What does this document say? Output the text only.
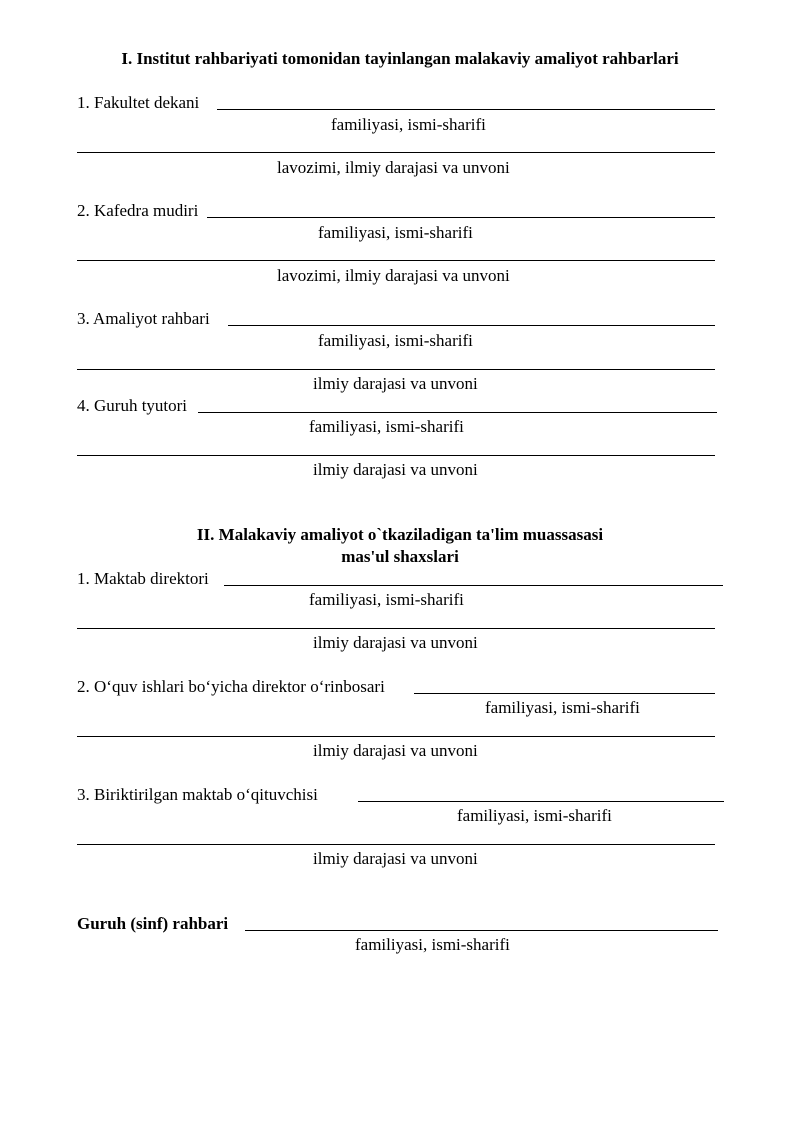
I. Institut rahbariyati tomonidan tayinlangan malakaviy amaliyot rahbarlari
1. Fakultet dekani
familiyasi, ismi-sharifi
lavozimi, ilmiy darajasi va unvoni
2. Kafedra mudiri
familiyasi, ismi-sharifi
lavozimi, ilmiy darajasi va unvoni
3. Amaliyot rahbari
familiyasi, ismi-sharifi
ilmiy darajasi va unvoni
4. Guruh tyutori
familiyasi, ismi-sharifi
ilmiy darajasi va unvoni
II. Malakaviy amaliyot o`tkaziladigan ta'lim muassasasi
mas'ul shaxslari
1. Maktab direktori
familiyasi, ismi-sharifi
ilmiy darajasi va unvoni
2. O‘quv ishlari bo‘yicha direktor o‘rinbosari
familiyasi, ismi-sharifi
ilmiy darajasi va unvoni
3. Biriktirilgan maktab o‘qituvchisi
familiyasi, ismi-sharifi
ilmiy darajasi va unvoni
Guruh (sinf) rahbari
familiyasi, ismi-sharifi
